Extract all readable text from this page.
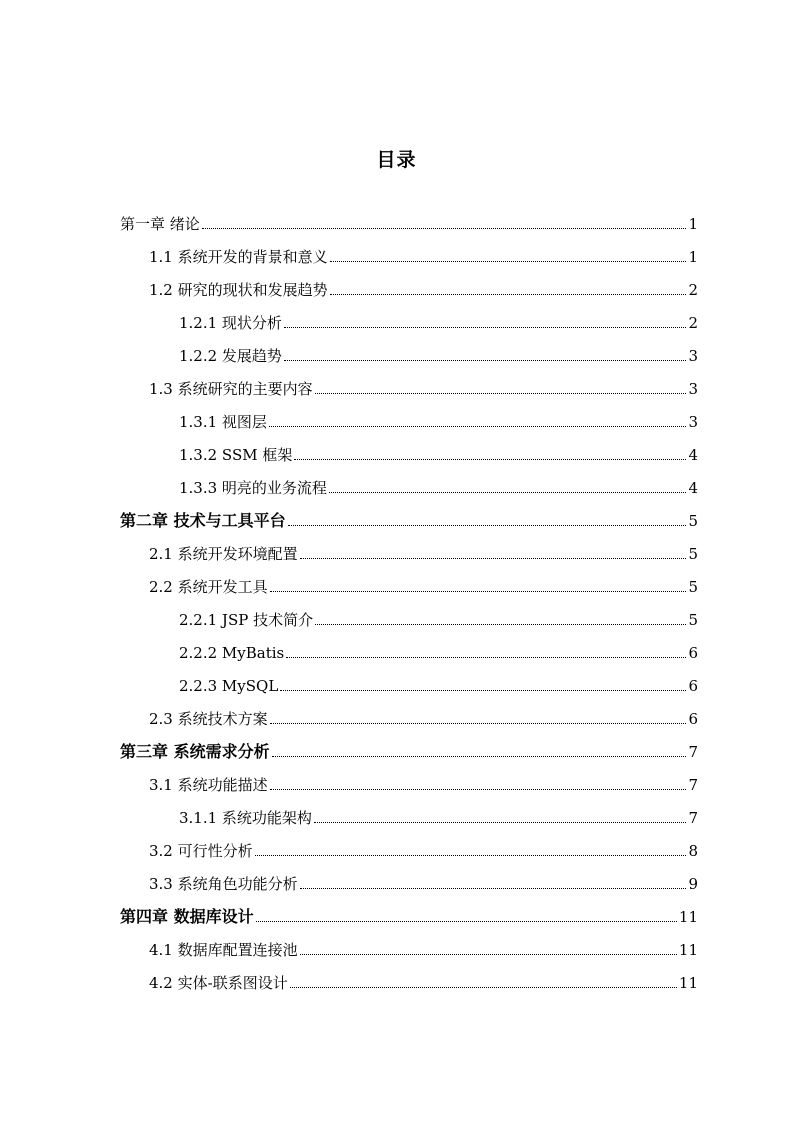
目录
第一章 绪论	1
1.1 系统开发的背景和意义	1
1.2 研究的现状和发展趋势	2
1.2.1 现状分析	2
1.2.2 发展趋势	3
1.3 系统研究的主要内容	3
1.3.1 视图层	3
1.3.2 SSM 框架	4
1.3.3 明亮的业务流程	4
第二章 技术与工具平台	5
2.1 系统开发环境配置	5
2.2 系统开发工具	5
2.2.1 JSP 技术简介	5
2.2.2 MyBatis	6
2.2.3 MySQL	6
2.3 系统技术方案	6
第三章 系统需求分析	7
3.1 系统功能描述	7
3.1.1 系统功能架构	7
3.2 可行性分析	8
3.3 系统角色功能分析	9
第四章 数据库设计	11
4.1 数据库配置连接池	11
4.2 实体-联系图设计	11
